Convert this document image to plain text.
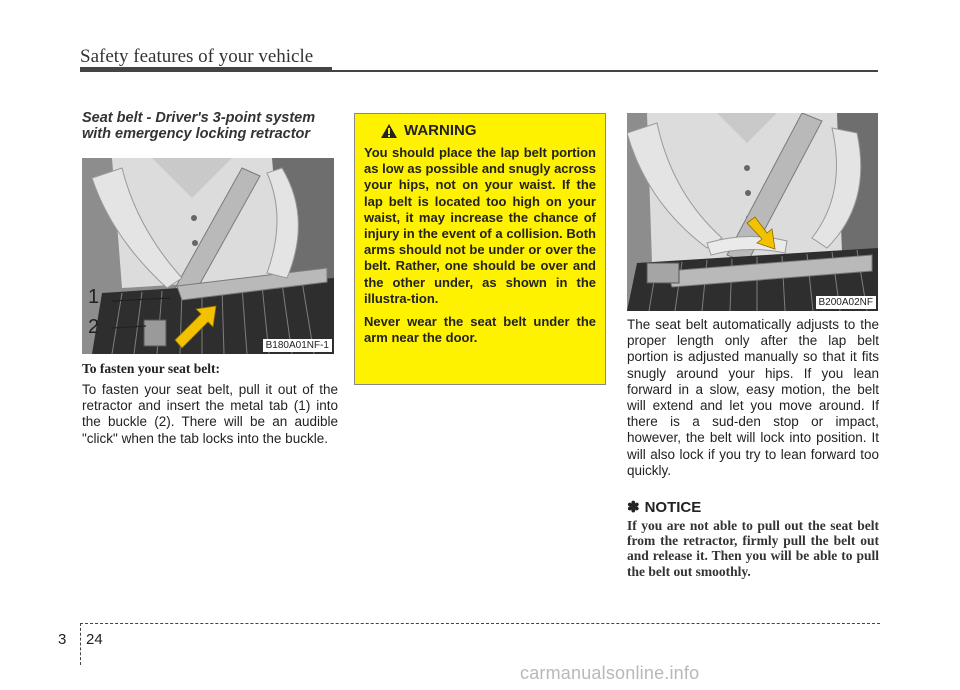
Safety features of your vehicle
Seat belt - Driver's 3-point system with emergency locking retractor
1
2
B180A01NF-1
To fasten your seat belt:

To fasten your seat belt, pull it out of the retractor and insert the metal tab (1) into the buckle (2). There will be an audible "click" when the tab locks into the buckle.

WARNING

You should place the lap belt portion as low as possible and snugly across your hips, not on your waist. If the lap belt is located too high on your waist, it may increase the chance of injury in the event of a collision. Both arms should not be under or over the belt. Rather, one should be over and the other under, as shown in the illustra-tion.

Never wear the seat belt under the arm near the door.

B200A02NF

The seat belt automatically adjusts to the proper length only after the lap belt portion is adjusted manually so that it fits snugly around your hips. If you lean forward in a slow, easy motion, the belt will extend and let you move around. If there is a sud-den stop or impact, however, the belt will lock into position. It will also lock if you try to lean forward too quickly.

✽ NOTICE

If you are not able to pull out the seat belt from the retractor, firmly pull the belt out and release it. Then you will be able to pull the belt out smoothly.

3 24
carmanualsonline.info
